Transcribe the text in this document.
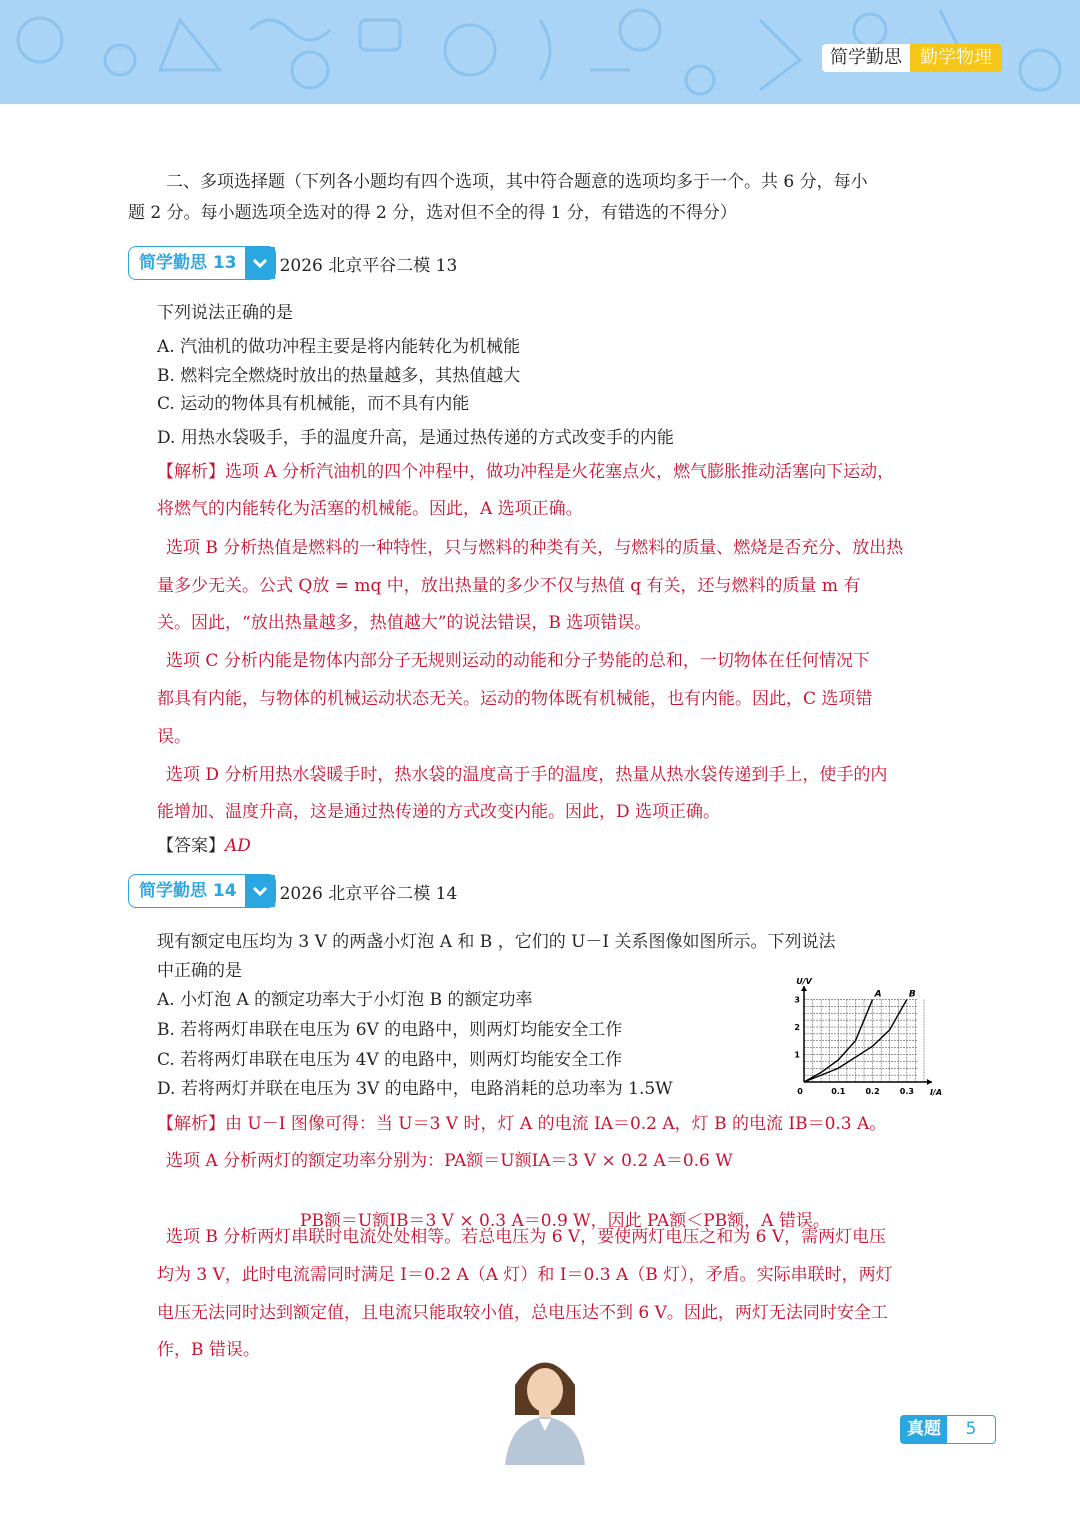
简学勤思	勤学物理

二、多项选择题（下列各小题均有四个选项，其中符合题意的选项均多于一个。共 6 分，每小

题 2 分。每小题选项全选对的得 2 分，选对但不全的得 1 分，有错选的不得分）

简学勤思 13	2026 北京平谷二模 13

下列说法正确的是

A. 汽油机的做功冲程主要是将内能转化为机械能

B. 燃料完全燃烧时放出的热量越多，其热值越大

C. 运动的物体具有机械能，而不具有内能

D. 用热水袋吸手，手的温度升高，是通过热传递的方式改变手的内能

【解析】选项 A 分析汽油机的四个冲程中，做功冲程是火花塞点火，燃气膨胀推动活塞向下运动，

将燃气的内能转化为活塞的机械能。因此，A 选项正确。

选项 B 分析热值是燃料的一种特性，只与燃料的种类有关，与燃料的质量、燃烧是否充分、放出热

量多少无关。公式 Q放 = mq 中，放出热量的多少不仅与热值 q 有关，还与燃料的质量 m 有

关。因此，“放出热量越多，热值越大”的说法错误，B 选项错误。

选项 C 分析内能是物体内部分子无规则运动的动能和分子势能的总和，一切物体在任何情况下

都具有内能，与物体的机械运动状态无关。运动的物体既有机械能，也有内能。因此，C 选项错

误。

选项 D 分析用热水袋暖手时，热水袋的温度高于手的温度，热量从热水袋传递到手上，使手的内

能增加、温度升高，这是通过热传递的方式改变内能。因此，D 选项正确。

【答案】AD

简学勤思 14	2026 北京平谷二模 14

现有额定电压均为 3 V 的两盏小灯泡 A 和 B ，它们的 U－I 关系图像如图所示。下列说法

中正确的是

A. 小灯泡 A 的额定功率大于小灯泡 B 的额定功率

B. 若将两灯串联在电压为 6V 的电路中，则两灯均能安全工作

C. 若将两灯串联在电压为 4V 的电路中，则两灯均能安全工作

D. 若将两灯并联在电压为 3V 的电路中，电路消耗的总功率为 1.5W	0.1	0.2	0.3
1
2
3
0	I/A
U/V
A	B

【解析】由 U－I 图像可得：当 U＝3 V 时，灯 A 的电流 IA＝0.2 A，灯 B 的电流 IB＝0.3 A。

选项 A 分析两灯的额定功率分别为：PA额＝U额IA＝3 V × 0.2 A＝0.6 W

PB额＝U额IB＝3 V × 0.3 A＝0.9 W，因此 PA额＜PB额，A 错误。

选项 B 分析两灯串联时电流处处相等。若总电压为 6 V，要使两灯电压之和为 6 V，需两灯电压

均为 3 V，此时电流需同时满足 I＝0.2 A（A 灯）和 I＝0.3 A（B 灯），矛盾。实际串联时，两灯

电压无法同时达到额定值，且电流只能取较小值，总电压达不到 6 V。因此，两灯无法同时安全工

作，B 错误。

真题	5
